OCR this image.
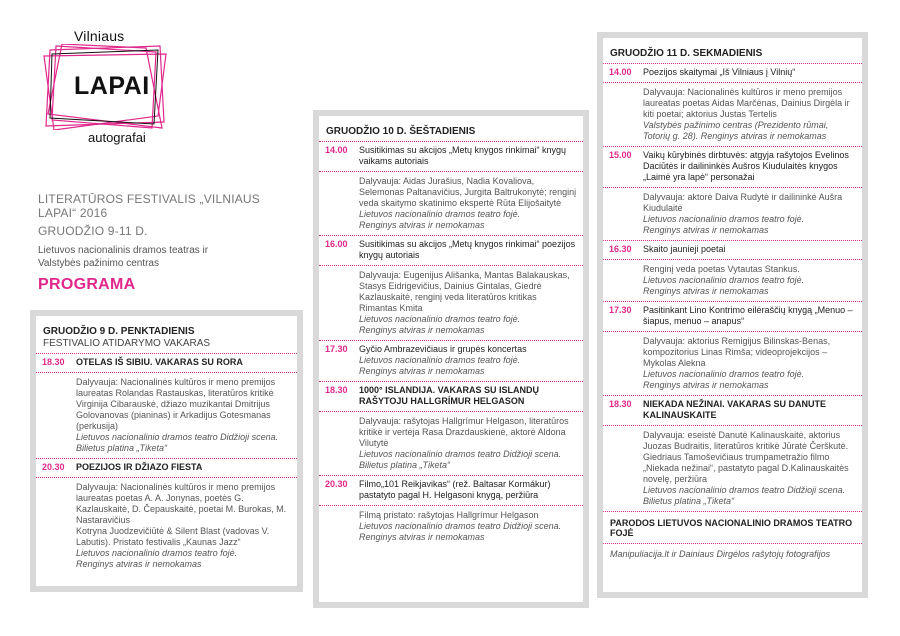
Vilniaus
LAPAI
autografai
LITERATŪROS FESTIVALIS „VILNIAUS LAPAI“ 2016
GRUODŽIO 9-11 D.
Lietuvos nacionalinis dramos teatras ir
Valstybės pažinimo centras
PROGRAMA
GRUODŽIO 9 D. PENKTADIENIS
FESTIVALIO ATIDARYMO VAKARAS
18.30	OTELAS IŠ SIBIU. VAKARAS SU RORA
Dalyvauja: Nacionalinės kultūros ir meno premijos laureatas Rolandas Rastauskas, literatūros kritikė Virginija Cibarauskė, džiazo muzikantai Dmitrijus Golovanovas (pianinas) ir Arkadijus Gotesmanas (perkusija)
Lietuvos nacionalinio dramos teatro Didžioji scena. Bilietus platina „Tiketa“
20.30	POEZIJOS IR DŽIAZO FIESTA
Dalyvauja: Nacionalinės kultūros ir meno premijos laureatas poetas A. A. Jonynas, poetės G. Kazlauskaitė, D. Čepauskaitė, poetai M. Burokas, M. Nastaravičius
Kotryna Juodzevičiūtė & Silent Blast (vadovas V. Labutis). Pristato festivalis „Kaunas Jazz“
Lietuvos nacionalinio dramos teatro fojė.
Renginys atviras ir nemokamas
GRUODŽIO 10 D. ŠEŠTADIENIS
14.00	Susitikimas su akcijos „Metų knygos rinkimai“ knygų vaikams autoriais
Dalyvauja: Aidas Jurašius, Nadia Kovaliova, Selemonas Paltanavičius, Jurgita Baltrukonytė; renginį veda skaitymo skatinimo ekspertė Rūta Elijošaitytė
Lietuvos nacionalinio dramos teatro fojė.
Renginys atviras ir nemokamas
16.00	Susitikimas su akcijos „Metų knygos rinkimai“ poezijos knygų autoriais
Dalyvauja: Eugenijus Ališanka, Mantas Balakauskas, Stasys Eidrigevičius, Dainius Gintalas, Giedrė Kazlauskaitė, renginį veda literatūros kritikas Rimantas Kmita
Lietuvos nacionalinio dramos teatro fojė.
Renginys atviras ir nemokamas
17.30	Gyčio Ambrazevičiaus ir grupės koncertas
Lietuvos nacionalinio dramos teatro fojė.
Renginys atviras ir nemokamas
18.30	1000° ISLANDIJA. VAKARAS SU ISLANDŲ RAŠYTOJU HALLGRÍMUR HELGASON
Dalyvauja: rašytojas Hallgrímur Helgason, literatūros kritikė ir vertėja Rasa Drazdauskienė, aktorė Aldona Vilutytė
Lietuvos nacionalinio dramos teatro Didžioji scena. Bilietus platina „Tiketa“
20.30	Filmo„101 Reikjavikas“ (rež. Baltasar Kormákur) pastatyto pagal H. Helgasoni knygą, peržiūra
Filmą pristato: rašytojas Hallgrímur Helgason
Lietuvos nacionalinio dramos teatro Didžioji scena.
Renginys atviras ir nemokamas
GRUODŽIO 11 D. SEKMADIENIS
14.00	Poezijos skaitymai „Iš Vilniaus į Vilnių“
Dalyvauja: Nacionalinės kultūros ir meno premijos laureatas poetas Aidas Marčėnas, Dainius Dirgėla ir kiti poetai; aktorius Justas Tertelis
Valstybės pažinimo centras (Prezidento rūmai, Totorių g. 28). Renginys atviras ir nemokamas
15.00	Vaikų kūrybinės dirbtuvės: atgyja rašytojos Evelinos Daciūtės ir dailininkės Aušros Kiudulaitės knygos „Laimė yra lapė“ personažai
Dalyvauja: aktorė Daiva Rudytė ir dailininkė Aušra Kiudulaitė
Lietuvos nacionalinio dramos teatro fojė.
Renginys atviras ir nemokamas
16.30	Skaito jaunieji poetai
Renginį veda poetas Vytautas Stankus.
Lietuvos nacionalinio dramos teatro fojė.
Renginys atviras ir nemokamas
17.30	Pasitinkant Lino Kontrimo eilėraščių knygą „Menuo – šiapus, menuo – anapus“
Dalyvauja: aktorius Remigijus Bilinskas-Benas, kompozitorius Linas Rimša; videoprojekcijos – Mykolas Alekna
Lietuvos nacionalinio dramos teatro fojė.
Renginys atviras ir nemokamas
18.30	NIEKADA NEŽINAI. VAKARAS SU DANUTE KALINAUSKAITE
Dalyvauja: eseistė Danutė Kalinauskaitė, aktorius Juozas Budraitis, literatūros kritikė Jūratė Čerškutė. Giedriaus Tamoševičiaus trumpametražio filmo „Niekada nežinai“, pastatyto pagal D.Kalinauskaitės novelę, peržiūra
Lietuvos nacionalinio dramos teatro Didžioji scena. Bilietus platina „Tiketa“
PARODOS LIETUVOS NACIONALINIO DRAMOS TEATRO FOJĖ
Manipuliacija.lt ir Dainiaus Dirgėlos rašytojų fotografijos
